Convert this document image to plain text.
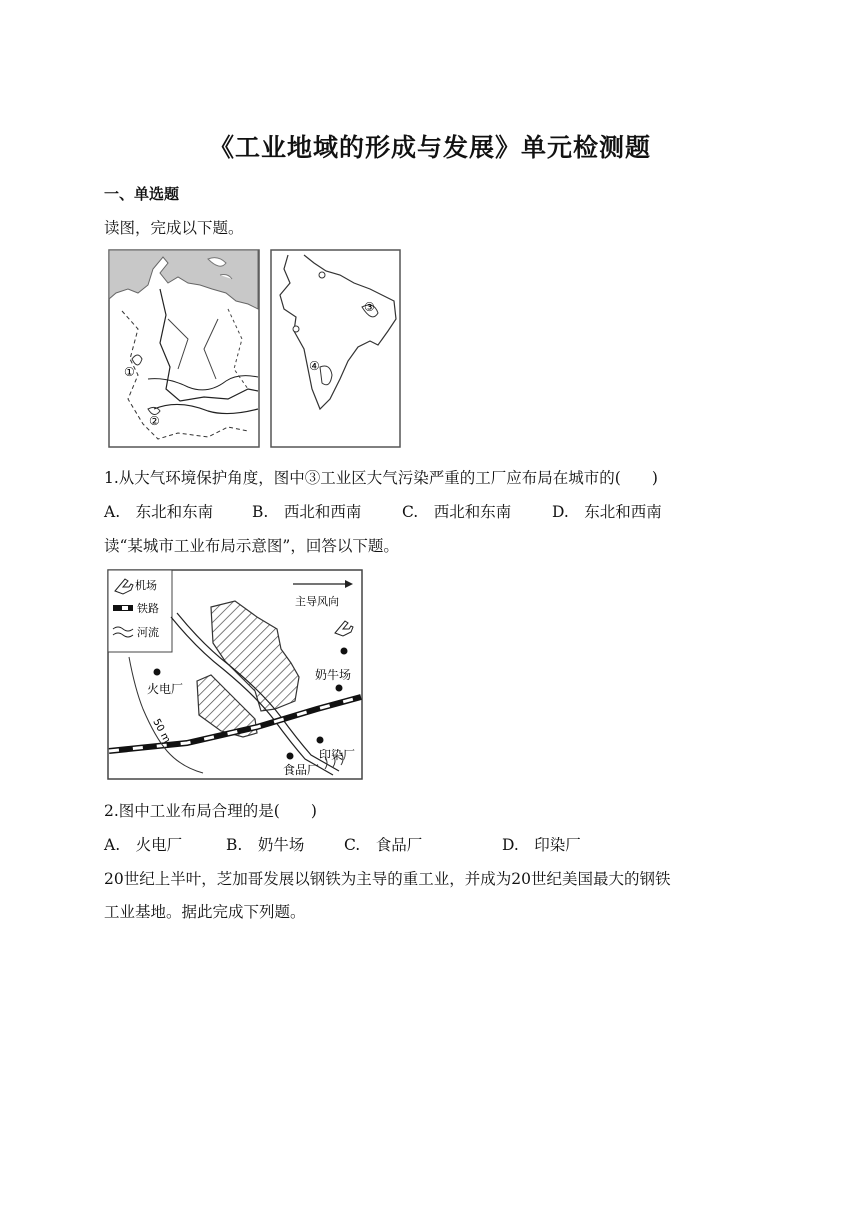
《工业地域的形成与发展》单元检测题
一、单选题
读图，完成以下题。
①
②
③
④
1.从大气环境保护角度，图中③工业区大气污染严重的工厂应布局在城市的(　　)
A.　东北和东南	B.　西北和西南	C.　西北和东南	D.　东北和西南
读“某城市工业布局示意图”，回答以下题。
机场
铁路
河流
主导风向
50 m
火电厂
奶牛场
印染厂
食品厂
2.图中工业布局合理的是(　　)
A.　火电厂	B.　奶牛场	C.　食品厂	D.　印染厂
20世纪上半叶，芝加哥发展以钢铁为主导的重工业，并成为20世纪美国最大的钢铁
工业基地。据此完成下列题。
